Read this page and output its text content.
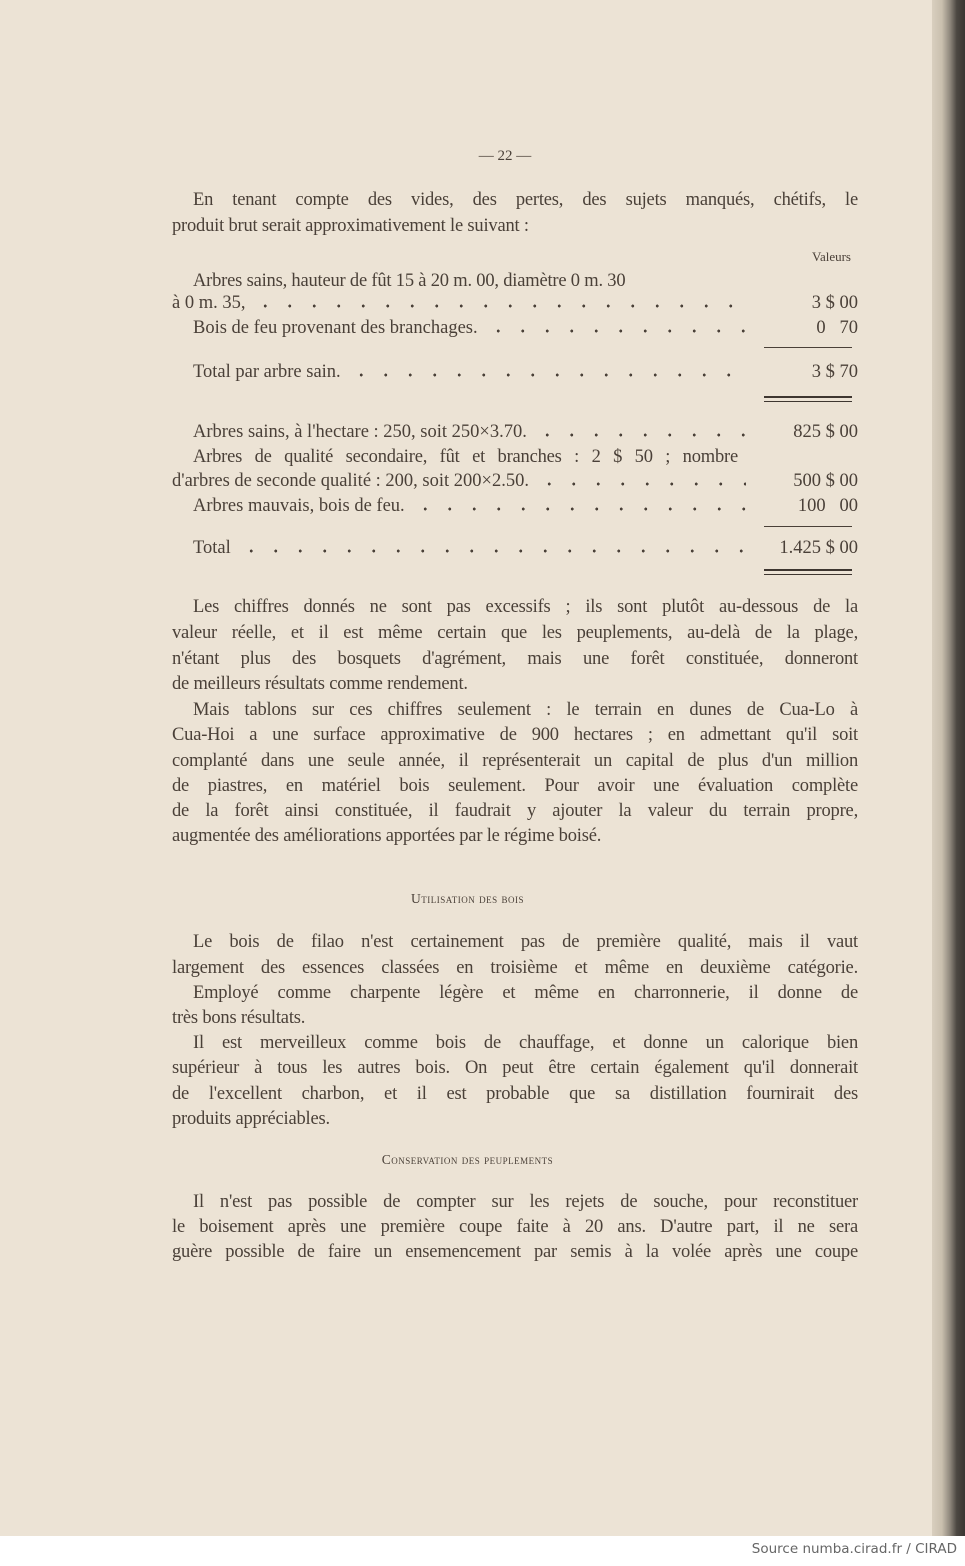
— 22 —
En tenant compte des vides, des pertes, des sujets manqués, chétifs, le
produit brut serait approximativement le suivant :
Valeurs
Arbres sains, hauteur de fût 15 à 20 m. 00, diamètre 0 m. 30
à 0 m. 35,	3 $ 00
Bois de feu provenant des branchages.	0   70
Total par arbre sain.	3 $ 70
Arbres sains, à l'hectare : 250, soit 250×3.70.	825 $ 00
Arbres de qualité secondaire, fût et branches : 2 $ 50 ; nombre
d'arbres de seconde qualité : 200, soit 200×2.50.	500 $ 00
Arbres mauvais, bois de feu.	100   00
Total	1.425 $ 00
Les chiffres donnés ne sont pas excessifs ; ils sont plutôt au-dessous de la
valeur réelle, et il est même certain que les peuplements, au-delà de la plage,
n'étant plus des bosquets d'agrément, mais une forêt constituée, donneront
de meilleurs résultats comme rendement.
Mais tablons sur ces chiffres seulement : le terrain en dunes de Cua-Lo à
Cua-Hoi a une surface approximative de 900 hectares ; en admettant qu'il soit
complanté dans une seule année, il représenterait un capital de plus d'un million
de piastres, en matériel bois seulement. Pour avoir une évaluation complète
de la forêt ainsi constituée, il faudrait y ajouter la valeur du terrain propre,
augmentée des améliorations apportées par le régime boisé.
Utilisation des bois
Le bois de filao n'est certainement pas de première qualité, mais il vaut
largement des essences classées en troisième et même en deuxième catégorie.
Employé comme charpente légère et même en charronnerie, il donne de
très bons résultats.
Il est merveilleux comme bois de chauffage, et donne un calorique bien
supérieur à tous les autres bois. On peut être certain également qu'il donnerait
de l'excellent charbon, et il est probable que sa distillation fournirait des
produits appréciables.
Conservation des peuplements
Il n'est pas possible de compter sur les rejets de souche, pour reconstituer
le boisement après une première coupe faite à 20 ans. D'autre part, il ne sera
guère possible de faire un ensemencement par semis à la volée après une coupe
Source numba.cirad.fr / CIRAD
